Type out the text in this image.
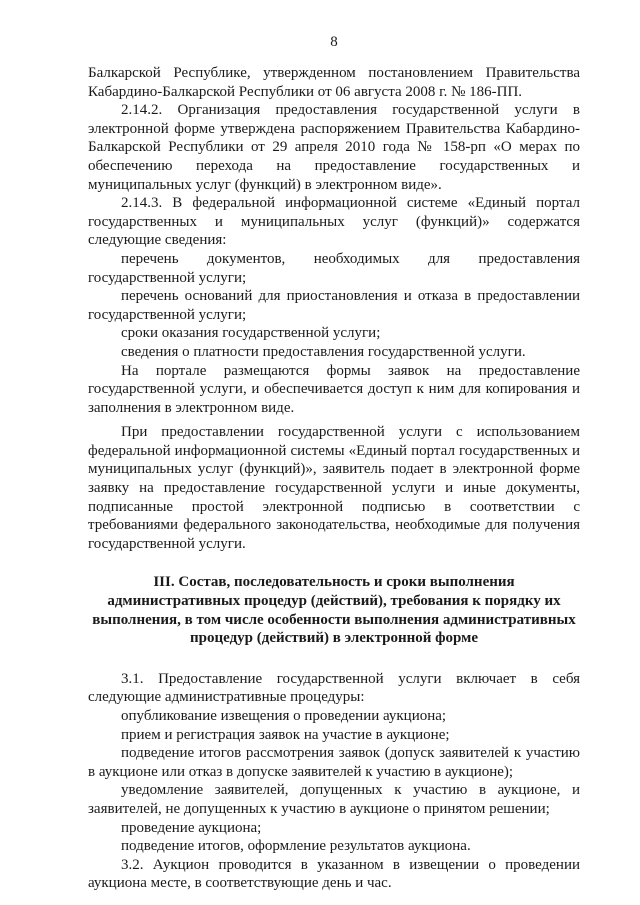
8

Балкарской Республике, утвержденном постановлением Правительства Кабардино-Балкарской Республики от 06 августа 2008 г. № 186-ПП.

2.14.2. Организация предоставления государственной услуги в электронной форме утверждена распоряжением Правительства Кабардино-Балкарской Республики от 29 апреля 2010 года № 158-рп «О мерах по обеспечению перехода на предоставление государственных и муниципальных услуг (функций) в электронном виде».

2.14.3. В федеральной информационной системе «Единый портал государственных и муниципальных услуг (функций)» содержатся следующие сведения:

перечень документов, необходимых для предоставления государственной услуги;

перечень оснований для приостановления и отказа в предоставлении государственной услуги;

сроки оказания государственной услуги;

сведения о платности предоставления государственной услуги.

На портале размещаются формы заявок на предоставление государственной услуги, и обеспечивается доступ к ним для копирования и заполнения в электронном виде.

При предоставлении государственной услуги с использованием федеральной информационной системы «Единый портал государственных и муниципальных услуг (функций)», заявитель подает в электронной форме заявку на предоставление государственной услуги и иные документы, подписанные простой электронной подписью в соответствии с требованиями федерального законодательства, необходимые для получения государственной услуги.

III. Состав, последовательность и сроки выполнения административных процедур (действий), требования к порядку их выполнения, в том числе особенности выполнения административных процедур (действий) в электронной форме

3.1. Предоставление государственной услуги включает в себя следующие административные процедуры:

опубликование извещения о проведении аукциона;

прием и регистрация заявок на участие в аукционе;

подведение итогов рассмотрения заявок (допуск заявителей к участию в аукционе или отказ в допуске заявителей к участию в аукционе);

уведомление заявителей, допущенных к участию в аукционе, и заявителей, не допущенных к участию в аукционе о принятом решении;

проведение аукциона;

подведение итогов, оформление результатов аукциона.

3.2. Аукцион проводится в указанном в извещении о проведении аукциона месте, в соответствующие день и час.
